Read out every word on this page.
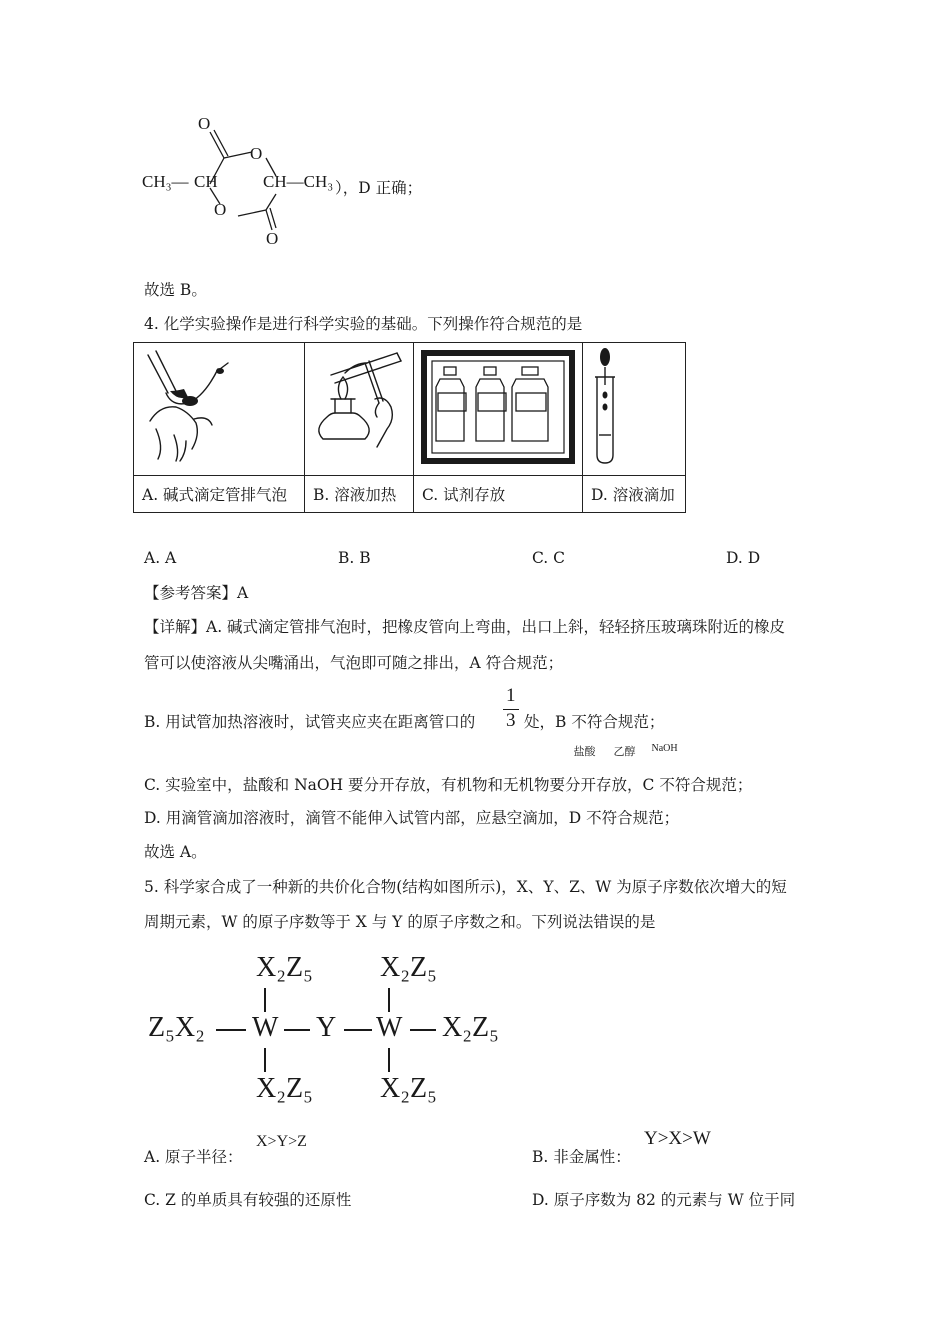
O
O
CH₃— CH	CH—CH₃ ），D 正确；
O
O
故选 B。
4. 化学实验操作是进行科学实验的基础。下列操作符合规范的是

盐酸 乙醇 NaOH

A. 碱式滴定管排气泡	B. 溶液加热	C. 试剂存放	D. 溶液滴加
A. A	B. B	C. C	D. D
【参考答案】A
【详解】A. 碱式滴定管排气泡时，把橡皮管向上弯曲，出口上斜，轻轻挤压玻璃珠附近的橡皮
管可以使溶液从尖嘴涌出，气泡即可随之排出，A 符合规范；
B. 用试管加热溶液时，试管夹应夹在距离管口的
1
3 处，B 不符合规范；
C. 实验室中，盐酸和 NaOH 要分开存放，有机物和无机物要分开存放，C 不符合规范；
D. 用滴管滴加溶液时，滴管不能伸入试管内部，应悬空滴加，D 不符合规范；
故选 A。
5. 科学家合成了一种新的共价化合物(结构如图所示)，X、Y、Z、W 为原子序数依次增大的短
周期元素，W 的原子序数等于 X 与 Y 的原子序数之和。下列说法错误的是
X₂Z₅ X₂Z₅
Z₅X₂ W Y W X₂Z₅
X₂Z₅ X₂Z₅
A. 原子半径：
X>Y>Z
B. 非金属性：
Y>X>W
C. Z 的单质具有较强的还原性	D. 原子序数为 82 的元素与 W 位于同
